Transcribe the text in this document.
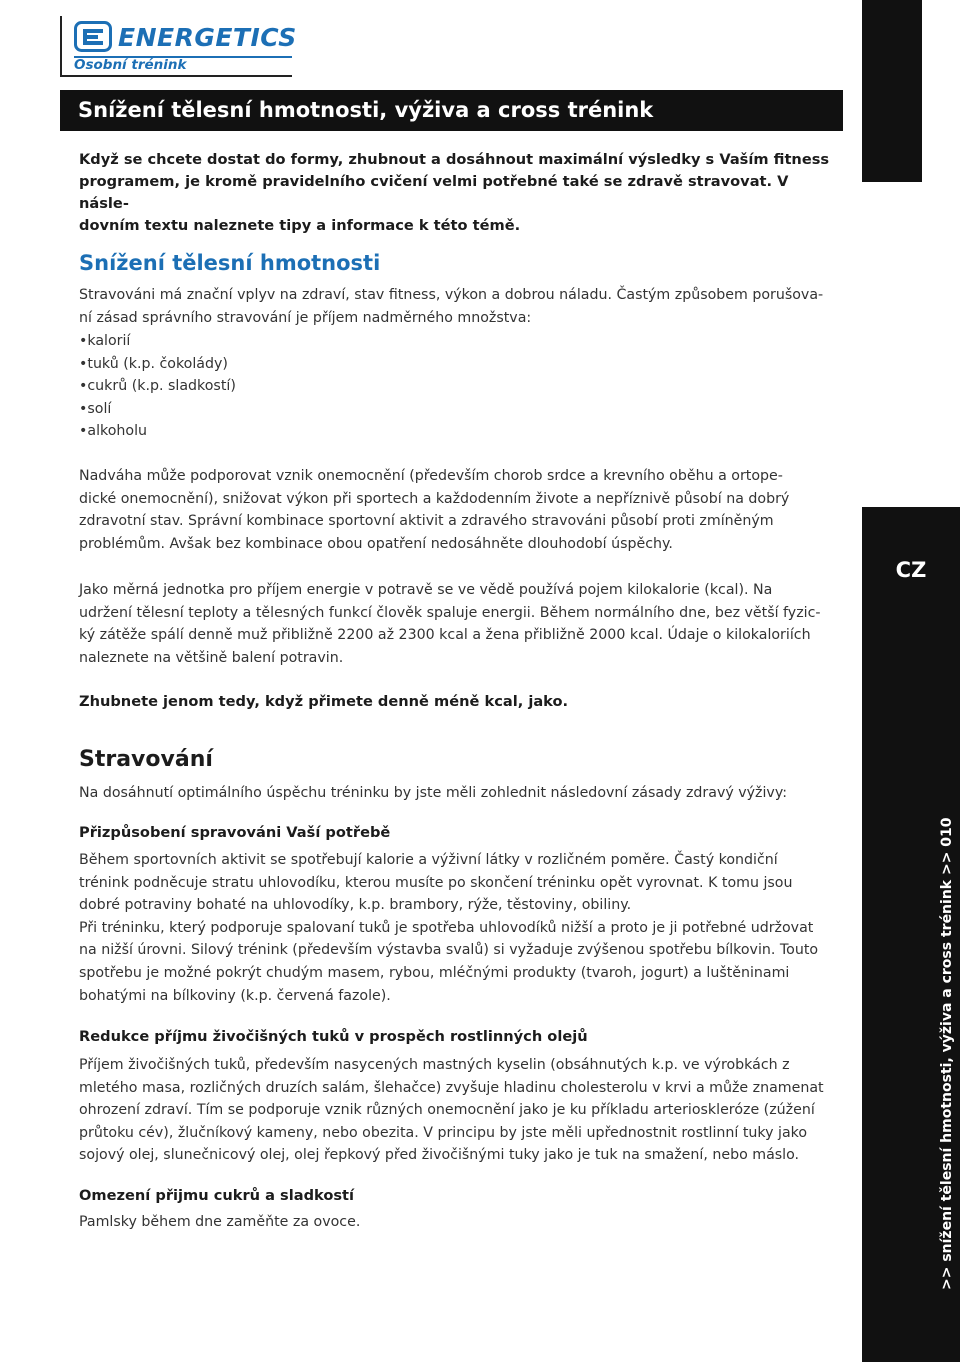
ENERGETICS
Osobní trénink
CZ
>> snížení tělesní hmotnosti, výživa a cross trénink >> 010
Snížení tělesní hmotnosti, výživa a cross trénink
Když se chcete dostat do formy, zhubnout a dosáhnout maximální výsledky s Vaším fitness
programem, je kromě pravidelního cvičení velmi potřebné také se zdravě stravovat. V násle-
dovním textu naleznete tipy a informace k této témě.
Snížení tělesní hmotnosti
Stravováni má znační vplyv na zdraví, stav fitness, výkon a dobrou náladu. Častým způsobem porušova-
ní zásad správního stravování je příjem nadměrného množstva:
• kalorií
• tuků (k.p. čokolády)
• cukrů (k.p. sladkostí)
• solí
• alkoholu
Nadváha může podporovat vznik onemocnění (především chorob srdce a krevního oběhu a ortope-
dické onemocnění), snižovat výkon při sportech a každodenním živote a nepříznivě působí na dobrý
zdravotní stav. Správní kombinace sportovní aktivit a zdravého stravováni působí proti zmíněným
problémům. Avšak bez kombinace obou opatření nedosáhněte dlouhodobí úspěchy.
Jako měrná jednotka pro příjem energie v potravě se ve vědě používá pojem kilokalorie (kcal). Na
udržení tělesní teploty a tělesných funkcí člověk spaluje energii. Během normálního dne, bez větší fyzic-
ký zátěže spálí denně muž přibližně 2200 až 2300 kcal a žena přibližně 2000 kcal. Údaje o kilokaloriích
naleznete na většině balení potravin.
Zhubnete jenom tedy, když přimete denně méně kcal, jako.
Stravování
Na dosáhnutí optimálního úspěchu tréninku by jste měli zohlednit následovní zásady zdravý výživy:
Přizpůsobení spravováni Vaší potřebě
Během sportovních aktivit se spotřebují kalorie a výživní látky v rozličném poměre. Častý kondiční
trénink podněcuje stratu uhlovodíku, kterou musíte po skončení tréninku opět vyrovnat. K tomu jsou
dobré potraviny bohaté na uhlovodíky, k.p. brambory, rýže, těstoviny, obiliny.
Při tréninku, který podporuje spalovaní tuků je spotřeba uhlovodíků nižší a proto je ji potřebné udržovat
na nižší úrovni. Silový trénink (především výstavba svalů) si vyžaduje zvýšenou spotřebu bílkovin. Touto
spotřebu je možné pokrýt chudým masem, rybou, mléčnými produkty (tvaroh, jogurt) a luštěninami
bohatými na bílkoviny (k.p. červená fazole).
Redukce příjmu živočišných tuků v prospěch rostlinných olejů
Příjem živočišných tuků, především nasycených mastných kyselin (obsáhnutých k.p. ve výrobkách z
mletého masa, rozličných druzích salám, šlehačce) zvyšuje hladinu cholesterolu v krvi a může znamenat
ohrození zdraví. Tím se podporuje vznik různých onemocnění jako je ku příkladu arterioskleróze (zúžení
průtoku cév), žlučníkový kameny, nebo obezita. V principu by jste měli upřednostnit rostlinní tuky jako
sojový olej, slunečnicový olej, olej řepkový před živočišnými tuky jako je tuk na smažení, nebo máslo.
Omezení přijmu cukrů a sladkostí
Pamlsky během dne zaměňte za ovoce.
